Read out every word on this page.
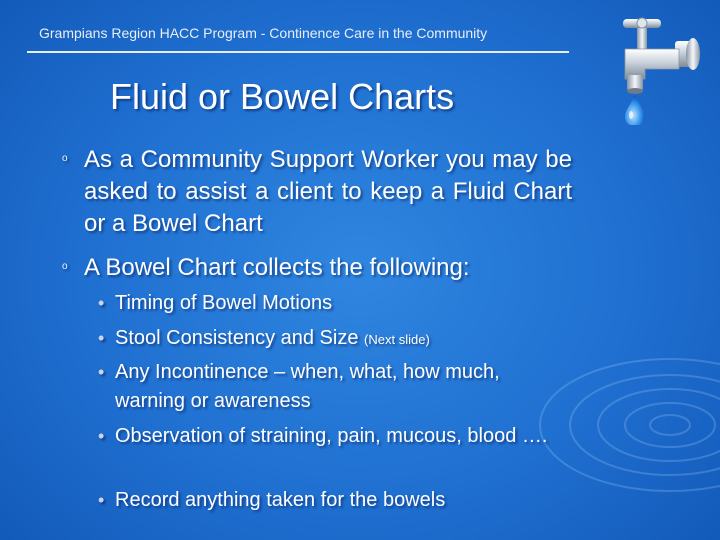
Grampians Region HACC Program - Continence Care in the Community
Fluid or Bowel Charts
o As a Community Support Worker you may be asked to assist a client to keep a Fluid Chart or a Bowel Chart
o A Bowel Chart collects the following:
• Timing of Bowel Motions
• Stool Consistency and Size (Next slide)
• Any Incontinence – when, what, how much, warning or awareness
• Observation of straining, pain, mucous, blood ….
• Record anything taken for the bowels
